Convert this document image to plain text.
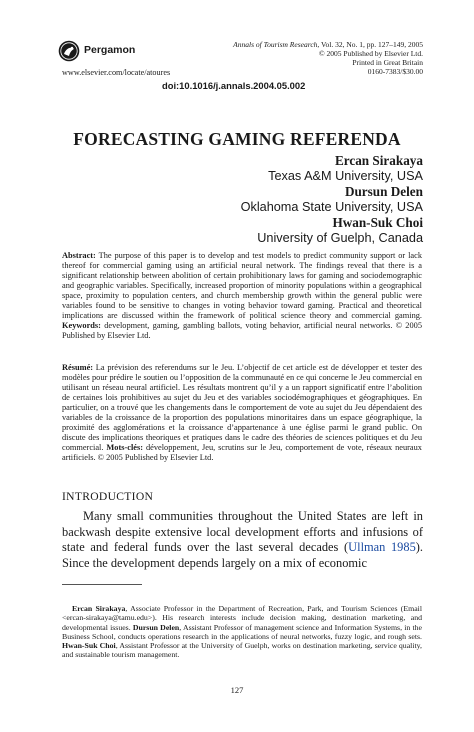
Pergamon
www.elsevier.com/locate/atoures
Annals of Tourism Research, Vol. 32, No. 1, pp. 127–149, 2005
© 2005 Published by Elsevier Ltd.
Printed in Great Britain
0160-7383/$30.00
doi:10.1016/j.annals.2004.05.002
FORECASTING GAMING REFERENDA
Ercan Sirakaya
Texas A&M University, USA
Dursun Delen
Oklahoma State University, USA
Hwan-Suk Choi
University of Guelph, Canada
Abstract: The purpose of this paper is to develop and test models to predict community support or lack thereof for commercial gaming using an artificial neural network. The findings reveal that there is a significant relationship between abolition of certain prohibitionary laws for gaming and sociodemographic and geographic variables. Specifically, increased proportion of minority populations within a geographical space, proximity to population centers, and church membership growth within the general public were variables found to be sensitive to changes in voting behavior toward gaming. Practical and theoretical implications are discussed within the framework of political science theory and commercial gaming. Keywords: development, gaming, gambling ballots, voting behavior, artificial neural networks. © 2005 Published by Elsevier Ltd.
Résumé: La prévision des referendums sur le Jeu. L’objectif de cet article est de développer et tester des modèles pour prédire le soutien ou l’opposition de la communauté en ce qui concerne le Jeu commercial en utilisant un réseau neural artificiel. Les résultats montrent qu’il y a un rapport significatif entre l’abolition de certaines lois prohibitives au sujet du Jeu et des variables sociodémographiques et géographiques. En particulier, on a trouvé que les changements dans le comportement de vote au sujet du Jeu dépendaient des variables de la croissance de la proportion des populations minoritaires dans un espace géographique, la proximité des agglomérations et la croissance d’appartenance à une église parmi le grand public. On discute des implications theoriques et pratiques dans le cadre des théories de sciences politiques et du Jeu commercial. Mots-clés: développement, Jeu, scrutins sur le Jeu, comportement de vote, réseaux neuraux artificiels. © 2005 Published by Elsevier Ltd.
INTRODUCTION
Many small communities throughout the United States are left in backwash despite extensive local development efforts and infusions of state and federal funds over the last several decades (Ullman 1985). Since the development depends largely on a mix of economic
Ercan Sirakaya, Associate Professor in the Department of Recreation, Park, and Tourism Sciences (Email <ercan-sirakaya@tamu.edu>). His research interests include decision making, destination marketing, and developmental issues. Dursun Delen, Assistant Professor of management science and Information Systems, in the Business School, conducts operations research in the applications of neural networks, fuzzy logic, and rough sets. Hwan-Suk Choi, Assistant Professor at the University of Guelph, works on destination marketing, service quality, and sustainable tourism management.
127
